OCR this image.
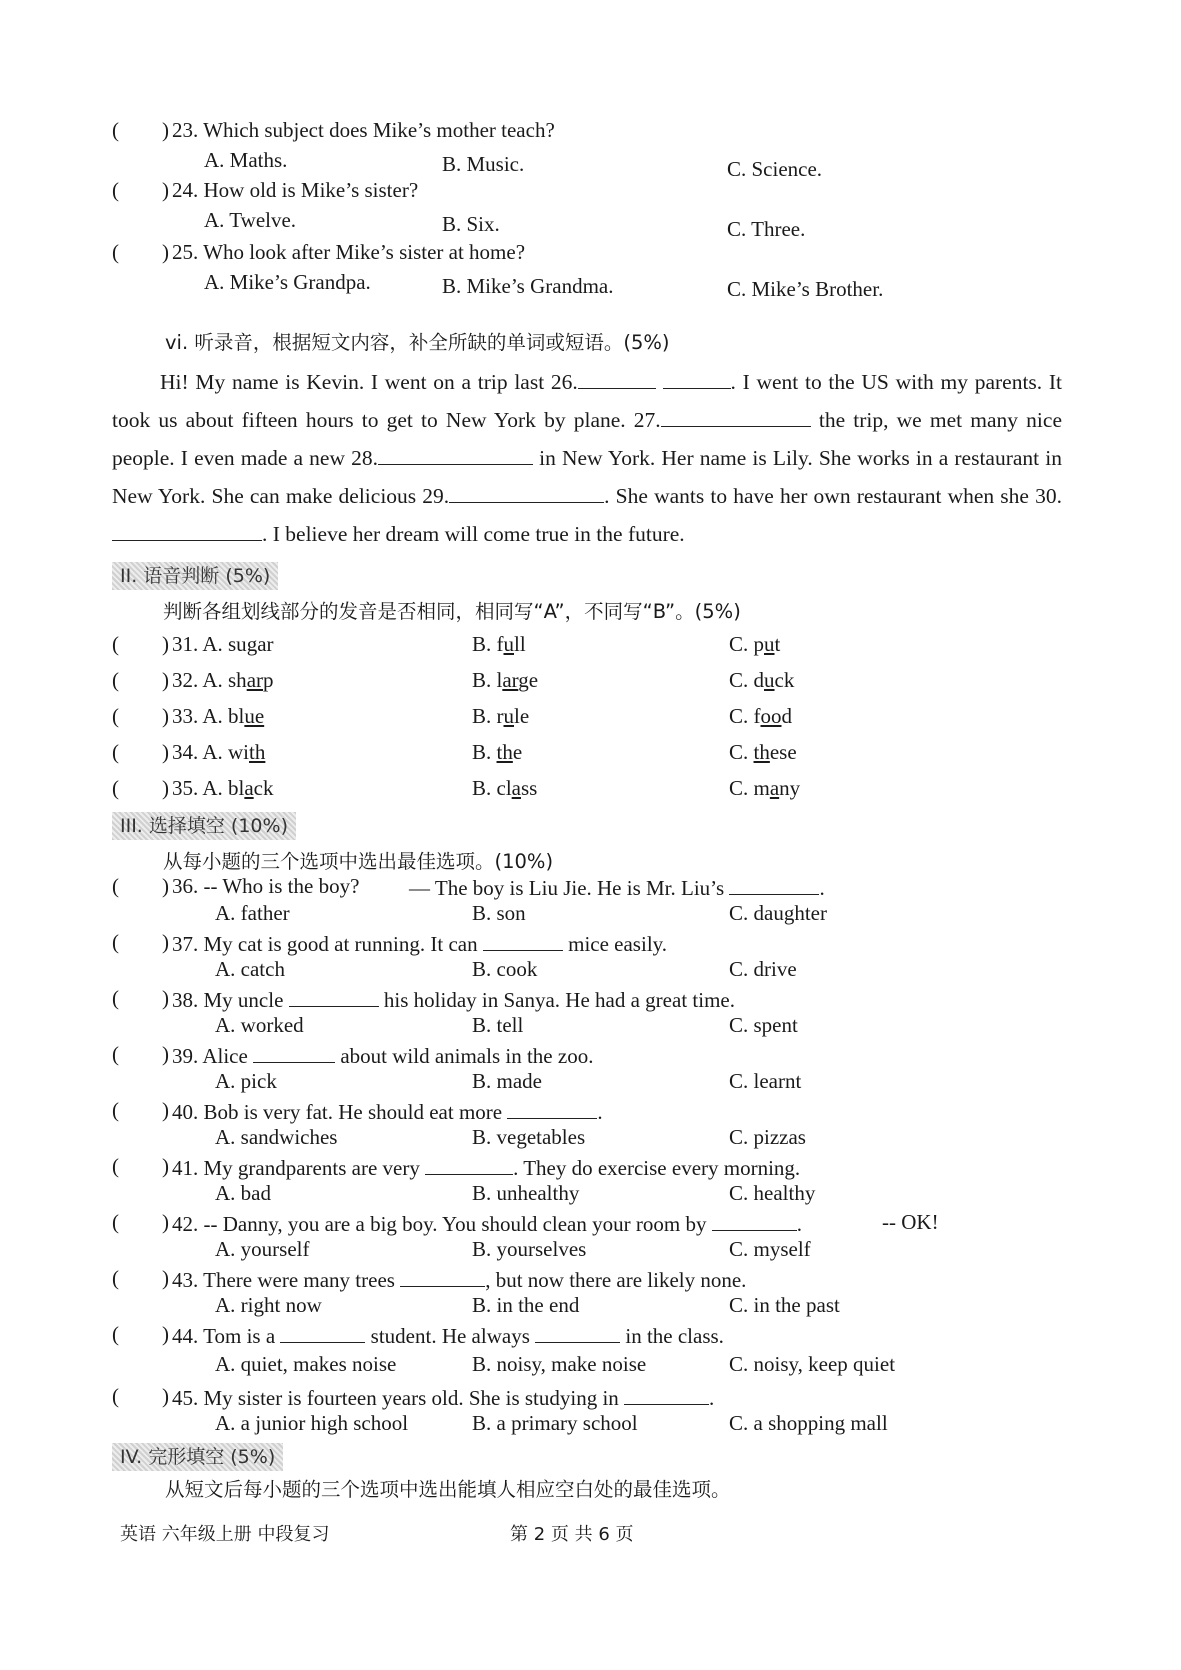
( ) 23. Which subject does Mike’s mother teach?
A. Maths.	B. Music.	C. Science.
( ) 24. How old is Mike’s sister?
A. Twelve.	B. Six.	C. Three.
( ) 25. Who look after Mike’s sister at home?
A. Mike’s Grandpa.	B. Mike’s Grandma.	C. Mike’s Brother.
vi. 听录音，根据短文内容，补全所缺的单词或短语。(5%)
Hi! My name is Kevin. I went on a trip last 26.	. I went to the US with my parents. It took us about fifteen hours to get to New York by plane. 27.	the trip, we met many nice people. I even made a new 28.	in New York. Her name is Lily. She works in a restaurant in New York. She can make delicious 29.	. She wants to have her own restaurant when she 30.. I believe her dream will come true in the future.
II. 语音判断 (5%)
判断各组划线部分的发音是否相同，相同写“A”，不同写“B”。(5%)
( ) 31. A. sugar	B. full	C. put
( ) 32. A. sharp	B. large	C. duck
( ) 33. A. blue	B. rule	C. food
( ) 34. A. with	B. the	C. these
( ) 35. A. black	B. class	C. many
III. 选择填空 (10%)
从每小题的三个选项中选出最佳选项。(10%)
( ) 36. -- Who is the boy? — The boy is Liu Jie. He is Mr. Liu’s	.
A. father	B. son	C. daughter
( ) 37. My cat is good at running. It can	mice easily.
A. catch	B. cook	C. drive
( ) 38. My uncle	his holiday in Sanya. He had a great time.
A. worked	B. tell	C. spent
( ) 39. Alice	about wild animals in the zoo.
A. pick	B. made	C. learnt
( ) 40. Bob is very fat. He should eat more	.
A. sandwiches	B. vegetables	C. pizzas
( ) 41. My grandparents are very	. They do exercise every morning.
A. bad	B. unhealthy	C. healthy
( ) 42. -- Danny, you are a big boy. You should clean your room by	.	-- OK!
A. yourself	B. yourselves	C. myself
( ) 43. There were many trees	, but now there are likely none.
A. right now	B. in the end	C. in the past
( ) 44. Tom is a	student. He always	in the class.
A. quiet, makes noise	B. noisy, make noise	C. noisy, keep quiet
( ) 45. My sister is fourteen years old. She is studying in	.
A. a junior high school	B. a primary school	C. a shopping mall
IV. 完形填空 (5%)
从短文后每小题的三个选项中选出能填人相应空白处的最佳选项。
英语 六年级上册 中段复习	第 2 页 共 6 页
